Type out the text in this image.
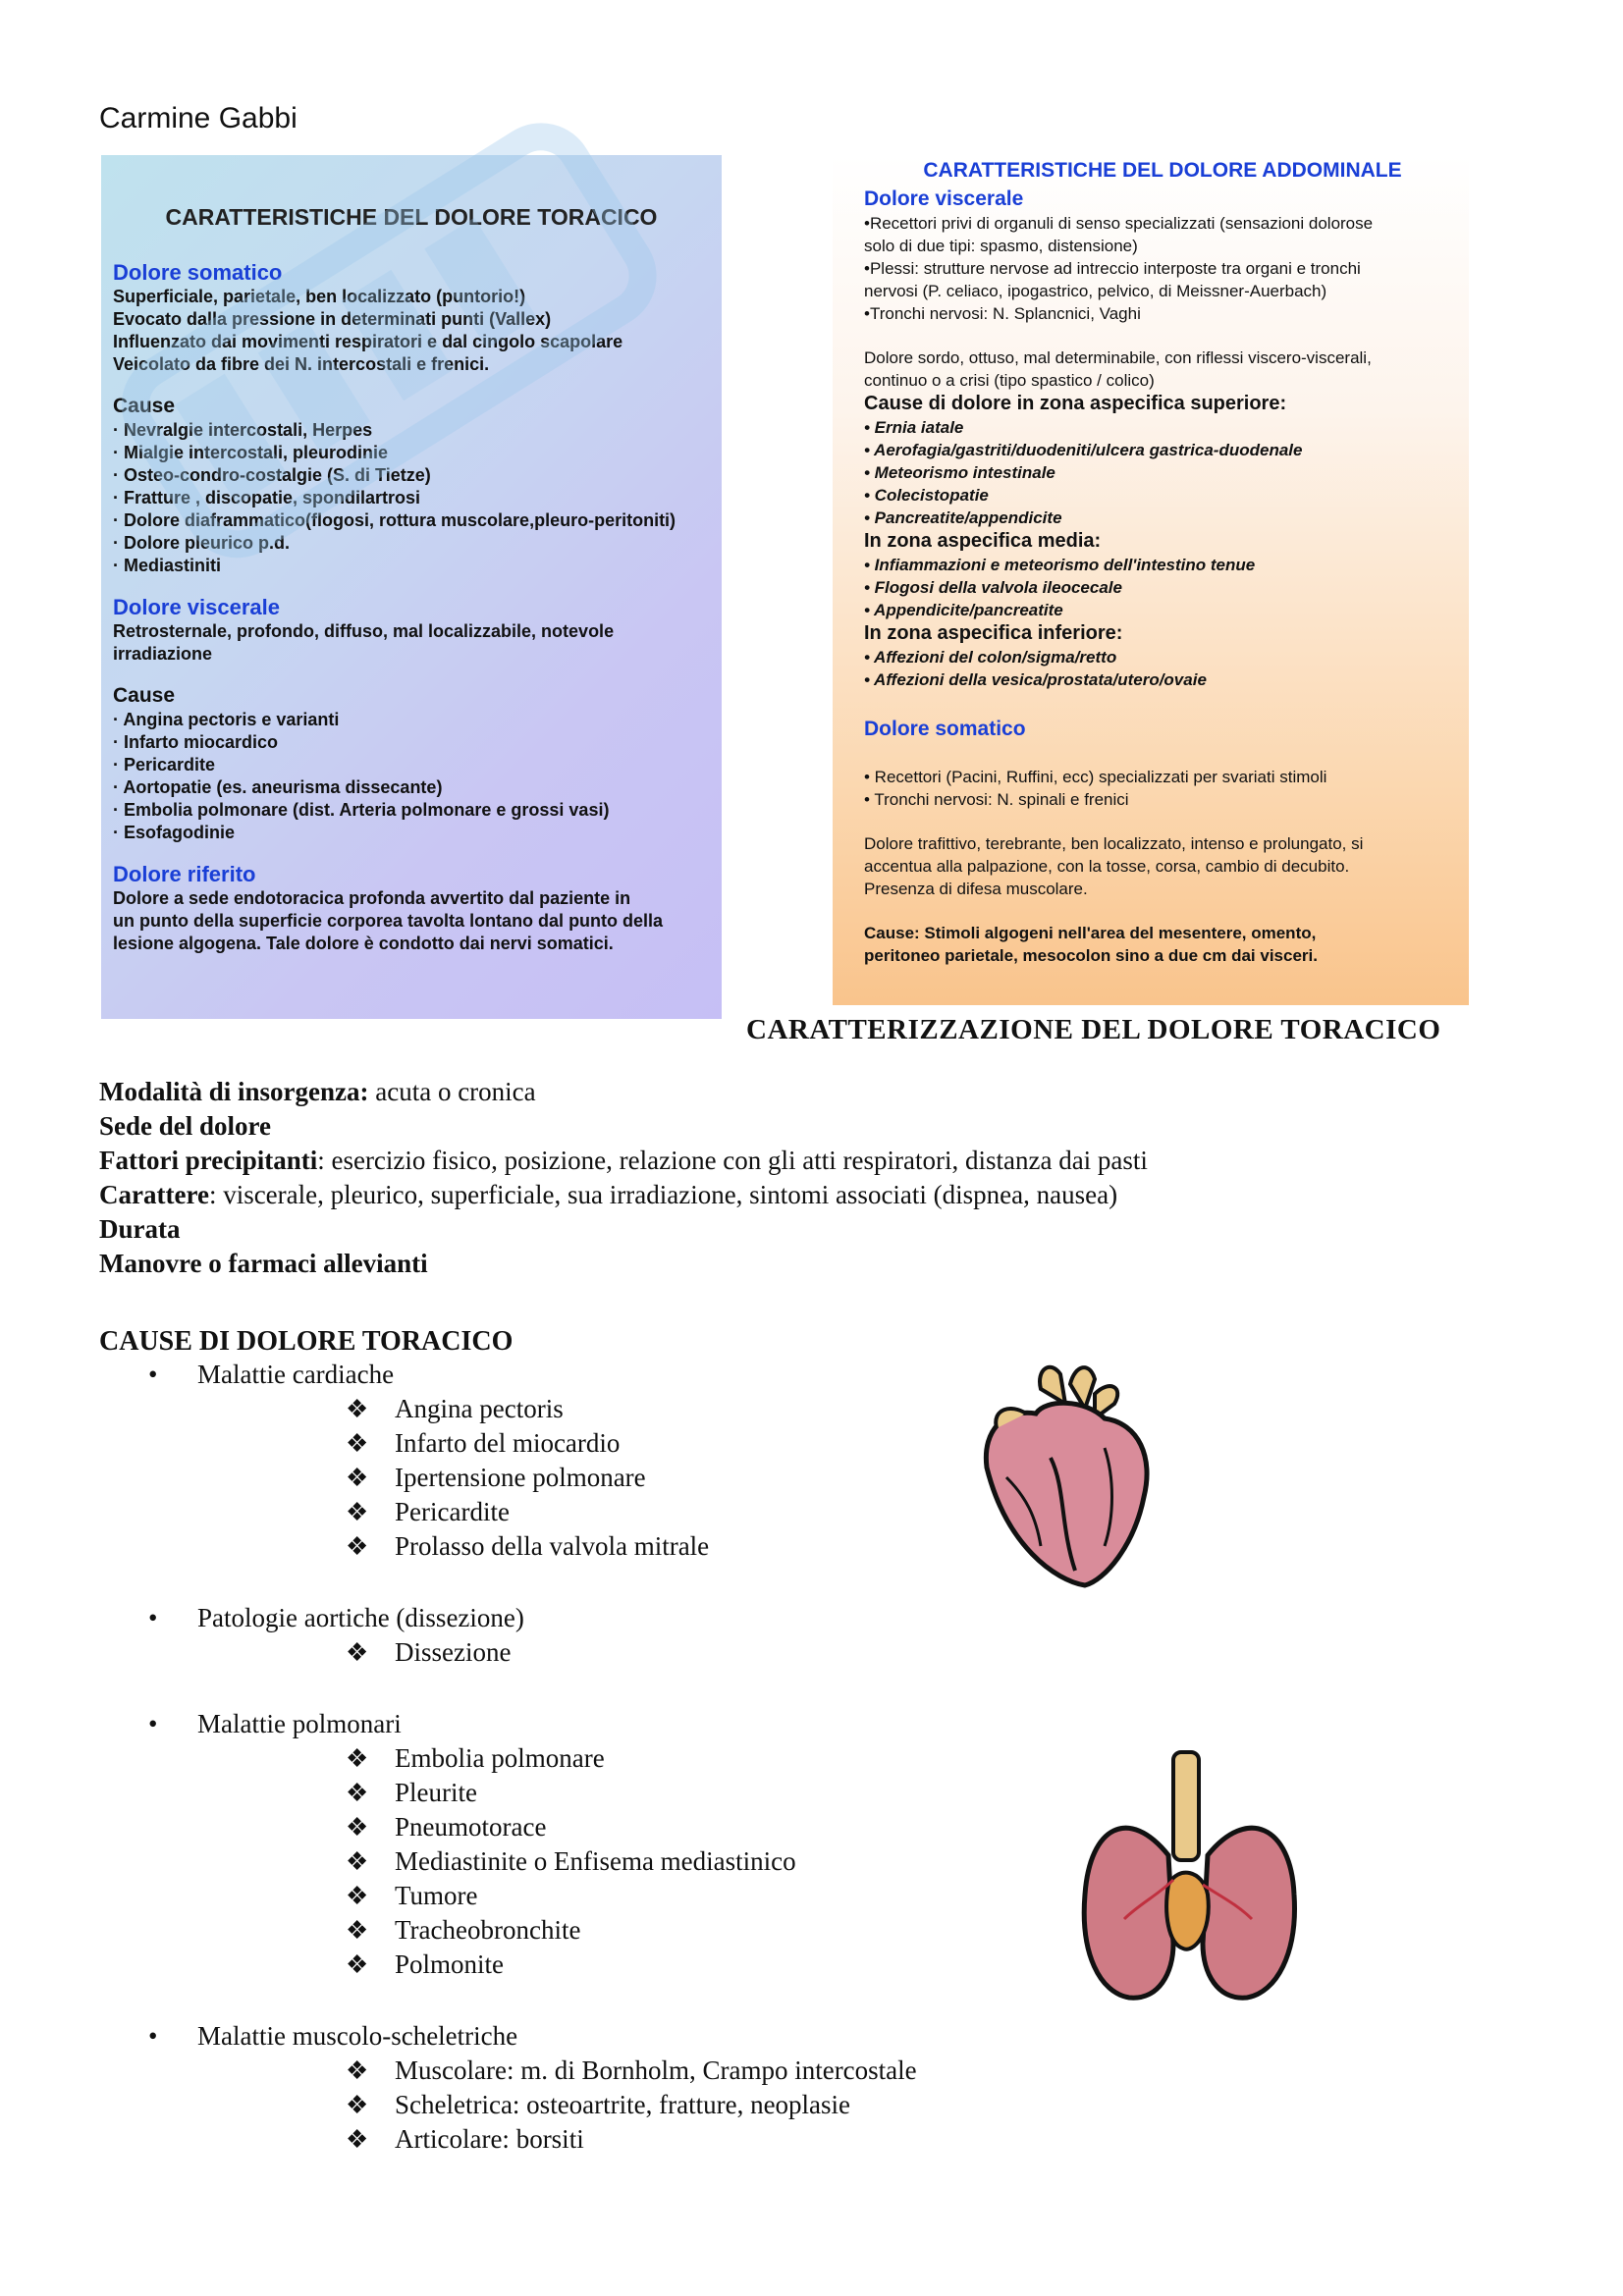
Carmine Gabbi
CARATTERISTICHE DEL DOLORE TORACICO
Dolore somatico
Superficiale, parietale, ben localizzato (puntorio!)
Evocato dalla pressione in determinati punti (Vallex)
Influenzato dai movimenti respiratori e dal cingolo scapolare
Veicolato da fibre dei N. intercostali e frenici.
Cause
· Nevralgie intercostali, Herpes
· Mialgie intercostali, pleurodinie
· Osteo-condro-costalgie (S. di Tietze)
· Fratture , discopatie, spondilartrosi
· Dolore diaframmatico(flogosi, rottura muscolare,pleuro-peritoniti)
· Dolore pleurico p.d.
· Mediastiniti
Dolore viscerale
Retrosternale, profondo, diffuso, mal localizzabile, notevole
irradiazione
Cause
· Angina pectoris e varianti
· Infarto miocardico
· Pericardite
· Aortopatie (es. aneurisma dissecante)
· Embolia polmonare (dist. Arteria polmonare e grossi vasi)
· Esofagodinie
Dolore riferito
Dolore a sede endotoracica profonda avvertito dal paziente in
un punto della superficie corporea tavolta lontano dal punto della
lesione algogena. Tale dolore è condotto dai nervi somatici.
CARATTERISTICHE DEL DOLORE ADDOMINALE
Dolore viscerale
•Recettori privi di organuli di senso specializzati (sensazioni dolorose
solo di due tipi: spasmo, distensione)
•Plessi: strutture nervose ad intreccio interposte tra organi e tronchi
nervosi (P. celiaco, ipogastrico, pelvico, di Meissner-Auerbach)
•Tronchi nervosi: N. Splancnici, Vaghi
Dolore sordo, ottuso, mal determinabile, con riflessi viscero-viscerali,
continuo o a crisi (tipo spastico / colico)
Cause di dolore in zona aspecifica superiore:
• Ernia iatale
• Aerofagia/gastriti/duodeniti/ulcera gastrica-duodenale
• Meteorismo intestinale
• Colecistopatie
• Pancreatite/appendicite
In zona aspecifica media:
• Infiammazioni e meteorismo dell'intestino tenue
• Flogosi della valvola ileocecale
• Appendicite/pancreatite
In zona aspecifica inferiore:
• Affezioni del colon/sigma/retto
• Affezioni della vesica/prostata/utero/ovaie
Dolore somatico
• Recettori (Pacini, Ruffini, ecc) specializzati per svariati stimoli
• Tronchi nervosi: N. spinali e frenici
Dolore trafittivo, terebrante, ben localizzato, intenso e prolungato, si
accentua alla palpazione, con la tosse, corsa, cambio di decubito.
Presenza di difesa muscolare.
Cause: Stimoli algogeni nell'area del mesentere, omento,
peritoneo parietale, mesocolon sino a due cm dai visceri.
CARATTERIZZAZIONE DEL DOLORE TORACICO
Modalità di insorgenza: acuta o cronica
Sede del dolore
Fattori precipitanti: esercizio fisico, posizione, relazione con gli atti respiratori, distanza dai pasti
Carattere: viscerale, pleurico, superficiale, sua irradiazione, sintomi associati (dispnea, nausea)
Durata
Manovre o farmaci allevianti
CAUSE DI DOLORE TORACICO
• Malattie cardiache
❖ Angina pectoris
❖ Infarto del miocardio
❖ Ipertensione polmonare
❖ Pericardite
❖ Prolasso della valvola mitrale
• Patologie aortiche (dissezione)
❖ Dissezione
• Malattie polmonari
❖ Embolia polmonare
❖ Pleurite
❖ Pneumotorace
❖ Mediastinite o Enfisema mediastinico
❖ Tumore
❖ Tracheobronchite
❖ Polmonite
• Malattie muscolo-scheletriche
❖ Muscolare: m. di Bornholm, Crampo intercostale
❖ Scheletrica: osteoartrite, fratture, neoplasie
❖ Articolare: borsiti
